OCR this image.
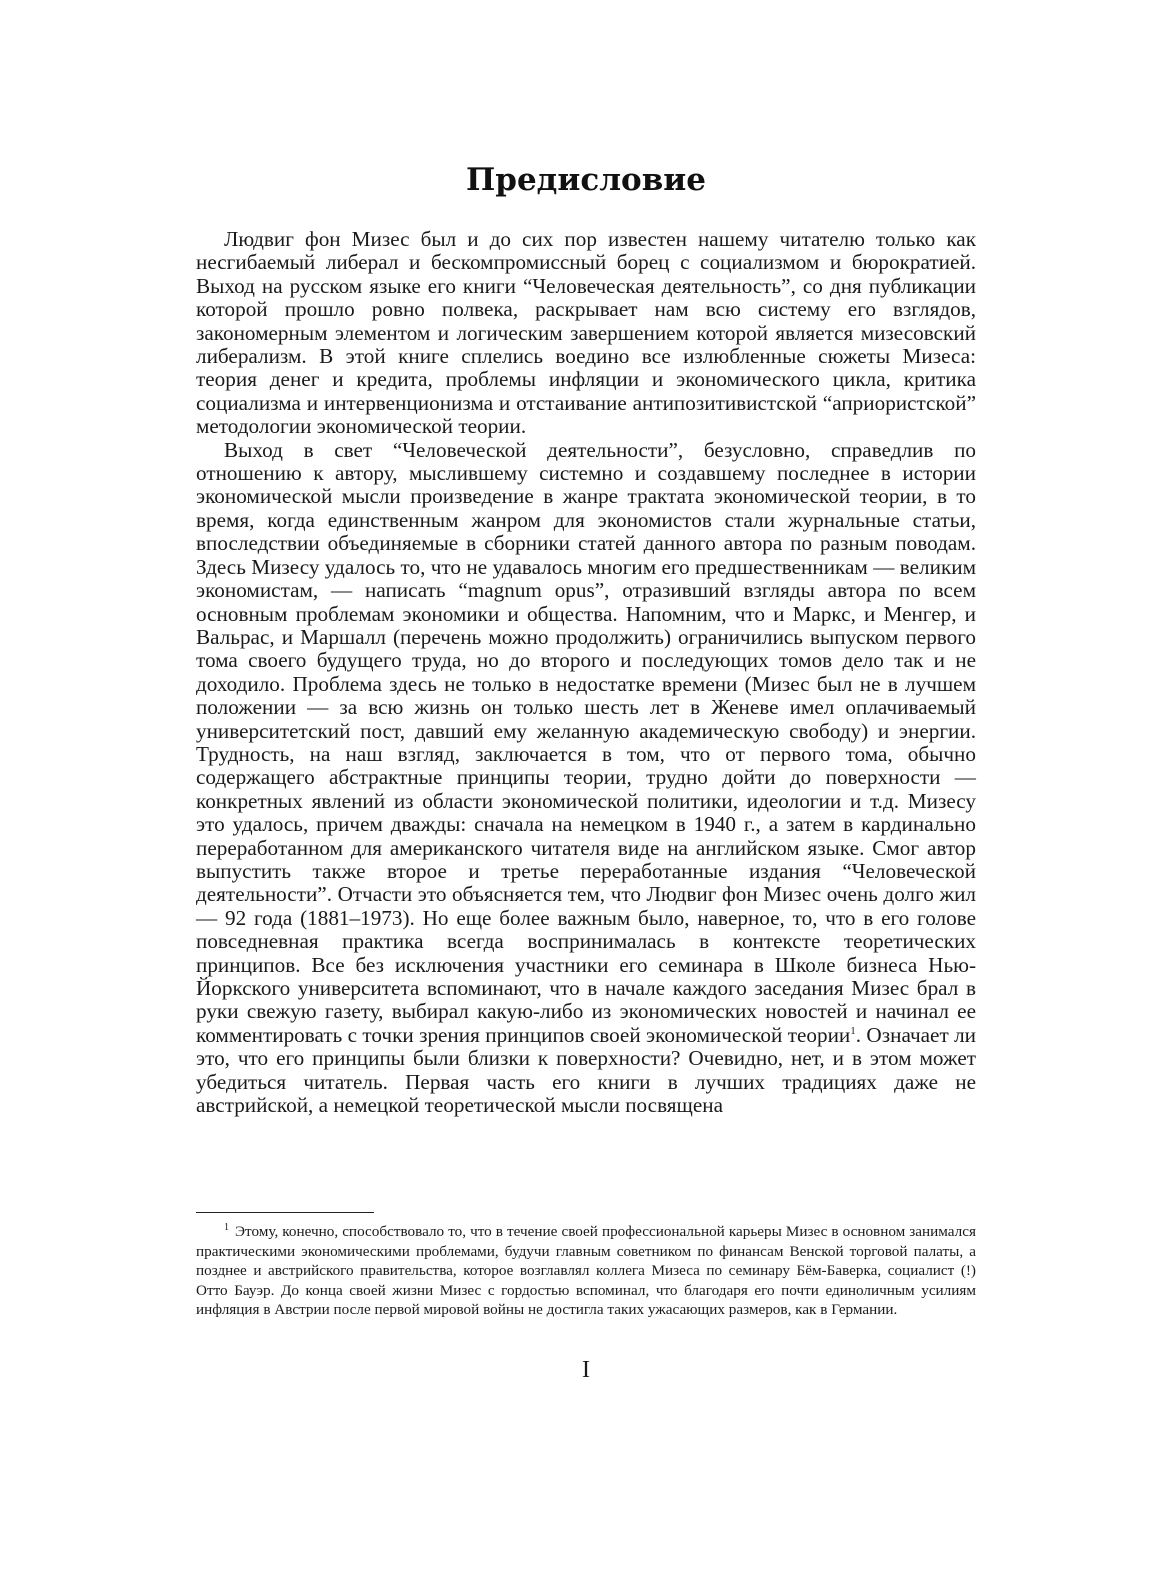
Предисловие

Людвиг фон Мизес был и до сих пор известен нашему читателю только как несгибаемый либерал и бескомпромиссный борец с социализмом и бюрократией. Выход на русском языке его книги “Человеческая деятельность”, со дня публикации которой прошло ровно полвека, раскрывает нам всю систему его взглядов, закономерным элементом и логическим завершением которой является мизесовский либерализм. В этой книге сплелись воедино все излюбленные сюжеты Мизеса: теория денег и кредита, проблемы инфляции и экономического цикла, критика социализма и интервенционизма и отстаивание антипозитивистской “априористской” методологии экономической теории.

Выход в свет “Человеческой деятельности”, безусловно, справедлив по отношению к автору, мыслившему системно и создавшему последнее в истории экономической мысли произведение в жанре трактата экономической теории, в то время, когда единственным жанром для экономистов стали журнальные статьи, впоследствии объединяемые в сборники статей данного автора по разным поводам. Здесь Мизесу удалось то, что не удавалось многим его предшественникам — великим экономистам, — написать “magnum opus”, отразивший взгляды автора по всем основным проблемам экономики и общества. Напомним, что и Маркс, и Менгер, и Вальрас, и Маршалл (перечень можно продолжить) ограничились выпуском первого тома своего будущего труда, но до второго и последующих томов дело так и не доходило. Проблема здесь не только в недостатке времени (Мизес был не в лучшем положении — за всю жизнь он только шесть лет в Женеве имел оплачиваемый университетский пост, давший ему желанную академическую свободу) и энергии. Трудность, на наш взгляд, заключается в том, что от первого тома, обычно содержащего абстрактные принципы теории, трудно дойти до поверхности — конкретных явлений из области экономической политики, идеологии и т.д. Мизесу это удалось, причем дважды: сначала на немецком в 1940 г., а затем в кардинально переработанном для американского читателя виде на английском языке. Смог автор выпустить также второе и третье переработанные издания “Человеческой деятельности”. Отчасти это объясняется тем, что Людвиг фон Мизес очень долго жил — 92 года (1881–1973). Но еще более важным было, наверное, то, что в его голове повседневная практика всегда воспринималась в контексте теоретических принципов. Все без исключения участники его семинара в Школе бизнеса Нью-Йоркского университета вспоминают, что в начале каждого заседания Мизес брал в руки свежую газету, выбирал какую-либо из экономических новостей и начинал ее комментировать с точки зрения принципов своей экономической теории$^1$. Означает ли это, что его принципы были близки к поверхности? Очевидно, нет, и в этом может убедиться читатель. Первая часть его книги в лучших традициях даже не австрийской, а немецкой теоретической мысли посвящена

$^1$ Этому, конечно, способствовало то, что в течение своей профессиональной карьеры Мизес в основном занимался практическими экономическими проблемами, будучи главным советником по финансам Венской торговой палаты, а позднее и австрийского правительства, которое возглавлял коллега Мизеса по семинару Бём-Баверка, социалист (!) Отто Бауэр. До конца своей жизни Мизес с гордостью вспоминал, что благодаря его почти единоличным усилиям инфляция в Австрии после первой мировой войны не достигла таких ужасающих размеров, как в Германии.
I
